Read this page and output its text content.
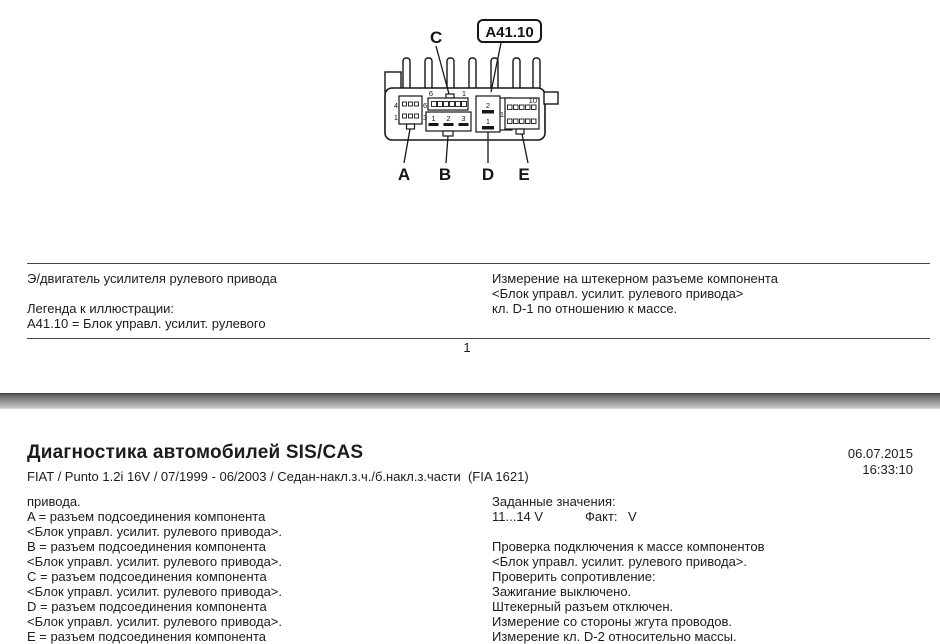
C	A41.10
4	6
1	3
6	1
1 2 3
2
1
10
1
A B D E
Э/двигатель усилителя рулевого привода
Легенда к иллюстрации:
А41.10 = Блок управл. усилит. рулевого
Измерение на штекерном разъеме компонента
<Блок управл. усилит. рулевого привода>
кл. D-1 по отношению к массе.
1
Диагностика автомобилей SIS/CAS	06.07.2015
16:33:10
FIAT / Punto 1.2i 16V / 07/1999 - 06/2003 / Седан-накл.з.ч./б.накл.з.части  (FIA 1621)
привода.
A = разъем подсоединения компонента
<Блок управл. усилит. рулевого привода>.
B = разъем подсоединения компонента
<Блок управл. усилит. рулевого привода>.
C = разъем подсоединения компонента
<Блок управл. усилит. рулевого привода>.
D = разъем подсоединения компонента
<Блок управл. усилит. рулевого привода>.
E = разъем подсоединения компонента
Заданные значения:
11...14 V	Факт: V
Проверка подключения к массе компонентов
<Блок управл. усилит. рулевого привода>.
Проверить сопротивление:
Зажигание выключено.
Штекерный разъем отключен.
Измерение со стороны жгута проводов.
Измерение кл. D-2 относительно массы.
